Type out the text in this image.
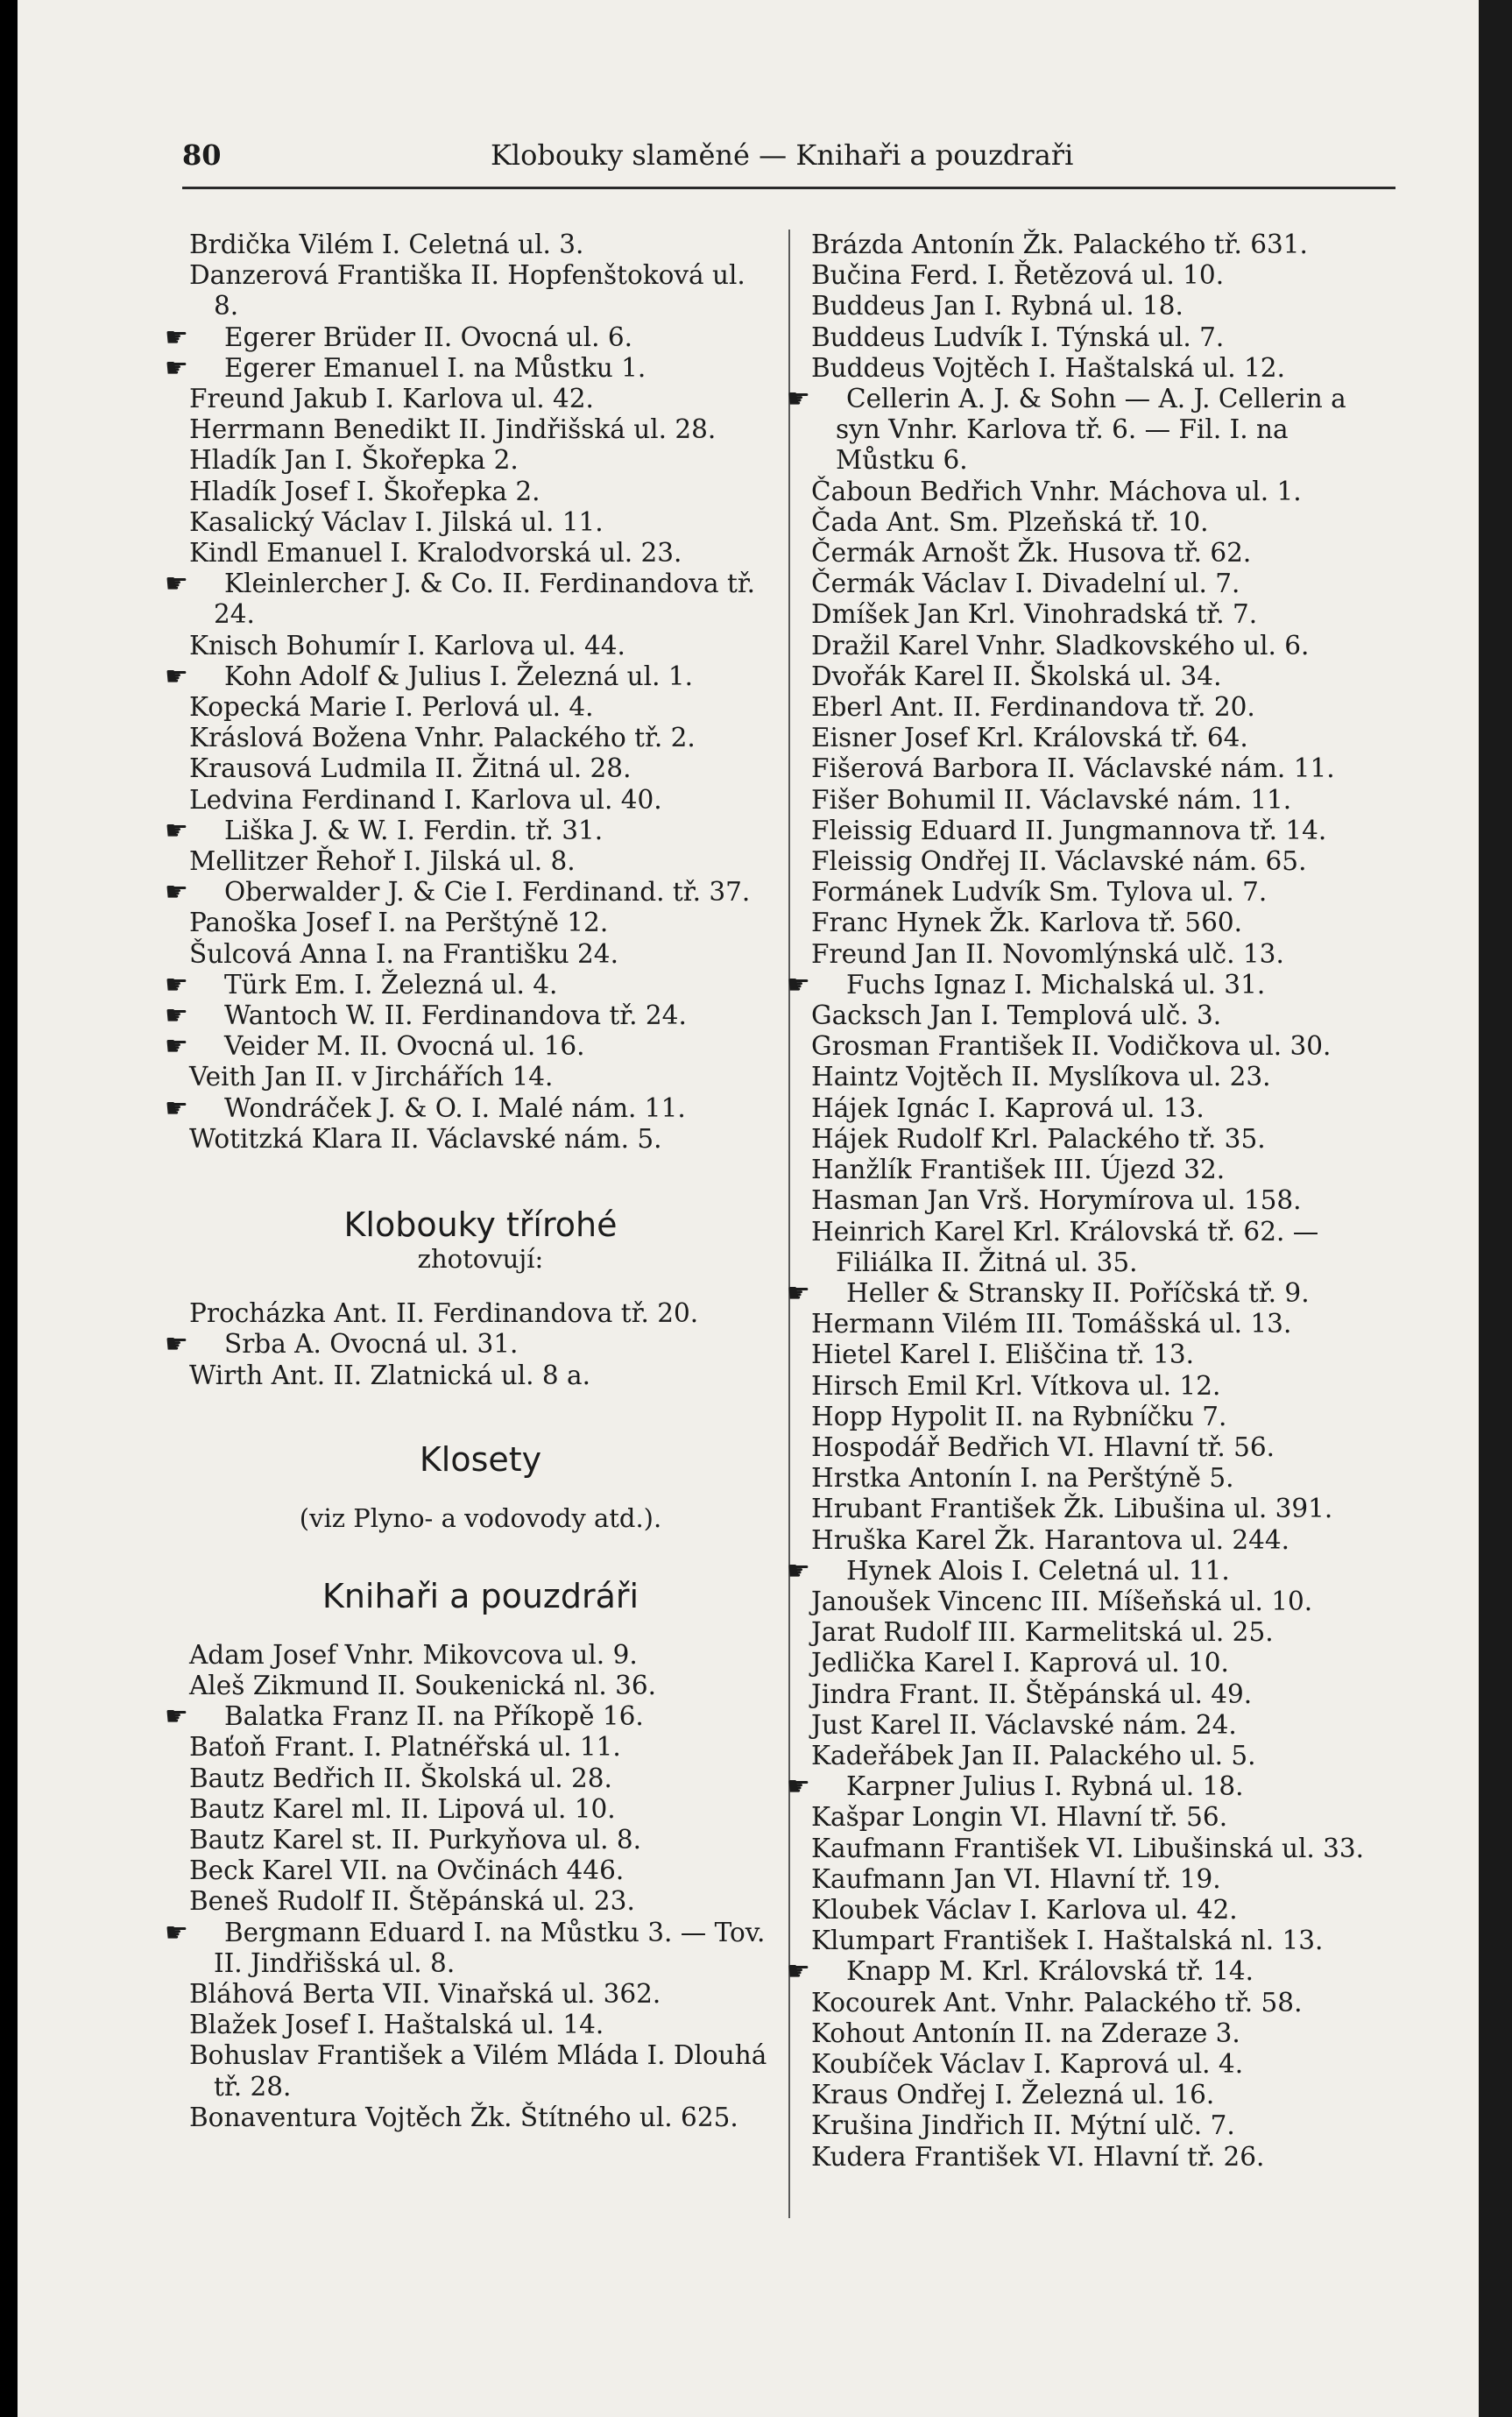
80	Klobouky slaměné — Knihaři a pouzdraři

Brdička Vilém I. Celetná ul. 3.

Danzerová Františka II. Hopfenštoková ul. 8.

☛ Egerer Brüder II. Ovocná ul. 6.

☛ Egerer Emanuel I. na Můstku 1.

Freund Jakub I. Karlova ul. 42.

Herrmann Benedikt II. Jindřišská ul. 28.

Hladík Jan I. Škořepka 2.

Hladík Josef I. Škořepka 2.

Kasalický Václav I. Jilská ul. 11.

Kindl Emanuel I. Kralodvorská ul. 23.

☛ Kleinlercher J. & Co. II. Ferdinandova tř. 24.

Knisch Bohumír I. Karlova ul. 44.

☛ Kohn Adolf & Julius I. Železná ul. 1.

Kopecká Marie I. Perlová ul. 4.

Kráslová Božena Vnhr. Palackého tř. 2.

Krausová Ludmila II. Žitná ul. 28.

Ledvina Ferdinand I. Karlova ul. 40.

☛ Liška J. & W. I. Ferdin. tř. 31.

Mellitzer Řehoř I. Jilská ul. 8.

☛ Oberwalder J. & Cie I. Ferdinand. tř. 37.

Panoška Josef I. na Perštýně 12.

Šulcová Anna I. na Františku 24.

☛ Türk Em. I. Železná ul. 4.

☛ Wantoch W. II. Ferdinandova tř. 24.

☛ Veider M. II. Ovocná ul. 16.

Veith Jan II. v Jirchářích 14.

☛ Wondráček J. & O. I. Malé nám. 11.

Wotitzká Klara II. Václavské nám. 5.

Klobouky třírohé

zhotovují:

Procházka Ant. II. Ferdinandova tř. 20.

☛ Srba A. Ovocná ul. 31.

Wirth Ant. II. Zlatnická ul. 8 a.

Klosety

(viz Plyno- a vodovody atd.).

Knihaři a pouzdráři

Adam Josef Vnhr. Mikovcova ul. 9.

Aleš Zikmund II. Soukenická nl. 36.

☛ Balatka Franz II. na Příkopě 16.

Baťoň Frant. I. Platnéřská ul. 11.

Bautz Bedřich II. Školská ul. 28.

Bautz Karel ml. II. Lipová ul. 10.

Bautz Karel st. II. Purkyňova ul. 8.

Beck Karel VII. na Ovčinách 446.

Beneš Rudolf II. Štěpánská ul. 23.

☛ Bergmann Eduard I. na Můstku 3. — Tov. II. Jindřišská ul. 8.

Bláhová Berta VII. Vinařská ul. 362.

Blažek Josef I. Haštalská ul. 14.

Bohuslav František a Vilém Mláda I. Dlouhá tř. 28.

Bonaventura Vojtěch Žk. Štítného ul. 625.

Brázda Antonín Žk. Palackého tř. 631.

Bučina Ferd. I. Řetězová ul. 10.

Buddeus Jan I. Rybná ul. 18.

Buddeus Ludvík I. Týnská ul. 7.

Buddeus Vojtěch I. Haštalská ul. 12.

☛ Cellerin A. J. & Sohn — A. J. Cellerin a syn Vnhr. Karlova tř. 6. — Fil. I. na Můstku 6.

Čaboun Bedřich Vnhr. Máchova ul. 1.

Čada Ant. Sm. Plzeňská tř. 10.

Čermák Arnošt Žk. Husova tř. 62.

Čermák Václav I. Divadelní ul. 7.

Dmíšek Jan Krl. Vinohradská tř. 7.

Dražil Karel Vnhr. Sladkovského ul. 6.

Dvořák Karel II. Školská ul. 34.

Eberl Ant. II. Ferdinandova tř. 20.

Eisner Josef Krl. Královská tř. 64.

Fišerová Barbora II. Václavské nám. 11.

Fišer Bohumil II. Václavské nám. 11.

Fleissig Eduard II. Jungmannova tř. 14.

Fleissig Ondřej II. Václavské nám. 65.

Formánek Ludvík Sm. Tylova ul. 7.

Franc Hynek Žk. Karlova tř. 560.

Freund Jan II. Novomlýnská ulč. 13.

☛ Fuchs Ignaz I. Michalská ul. 31.

Gacksch Jan I. Templová ulč. 3.

Grosman František II. Vodičkova ul. 30.

Haintz Vojtěch II. Myslíkova ul. 23.

Hájek Ignác I. Kaprová ul. 13.

Hájek Rudolf Krl. Palackého tř. 35.

Hanžlík František III. Újezd 32.

Hasman Jan Vrš. Horymírova ul. 158.

Heinrich Karel Krl. Královská tř. 62. — Filiálka II. Žitná ul. 35.

☛ Heller & Stransky II. Poříčská tř. 9.

Hermann Vilém III. Tomášská ul. 13.

Hietel Karel I. Eliščina tř. 13.

Hirsch Emil Krl. Vítkova ul. 12.

Hopp Hypolit II. na Rybníčku 7.

Hospodář Bedřich VI. Hlavní tř. 56.

Hrstka Antonín I. na Perštýně 5.

Hrubant František Žk. Libušina ul. 391.

Hruška Karel Žk. Harantova ul. 244.

☛ Hynek Alois I. Celetná ul. 11.

Janoušek Vincenc III. Míšeňská ul. 10.

Jarat Rudolf III. Karmelitská ul. 25.

Jedlička Karel I. Kaprová ul. 10.

Jindra Frant. II. Štěpánská ul. 49.

Just Karel II. Václavské nám. 24.

Kadeřábek Jan II. Palackého ul. 5.

☛ Karpner Julius I. Rybná ul. 18.

Kašpar Longin VI. Hlavní tř. 56.

Kaufmann František VI. Libušinská ul. 33.

Kaufmann Jan VI. Hlavní tř. 19.

Kloubek Václav I. Karlova ul. 42.

Klumpart František I. Haštalská nl. 13.

☛ Knapp M. Krl. Královská tř. 14.

Kocourek Ant. Vnhr. Palackého tř. 58.

Kohout Antonín II. na Zderaze 3.

Koubíček Václav I. Kaprová ul. 4.

Kraus Ondřej I. Železná ul. 16.

Krušina Jindřich II. Mýtní ulč. 7.

Kudera František VI. Hlavní tř. 26.
